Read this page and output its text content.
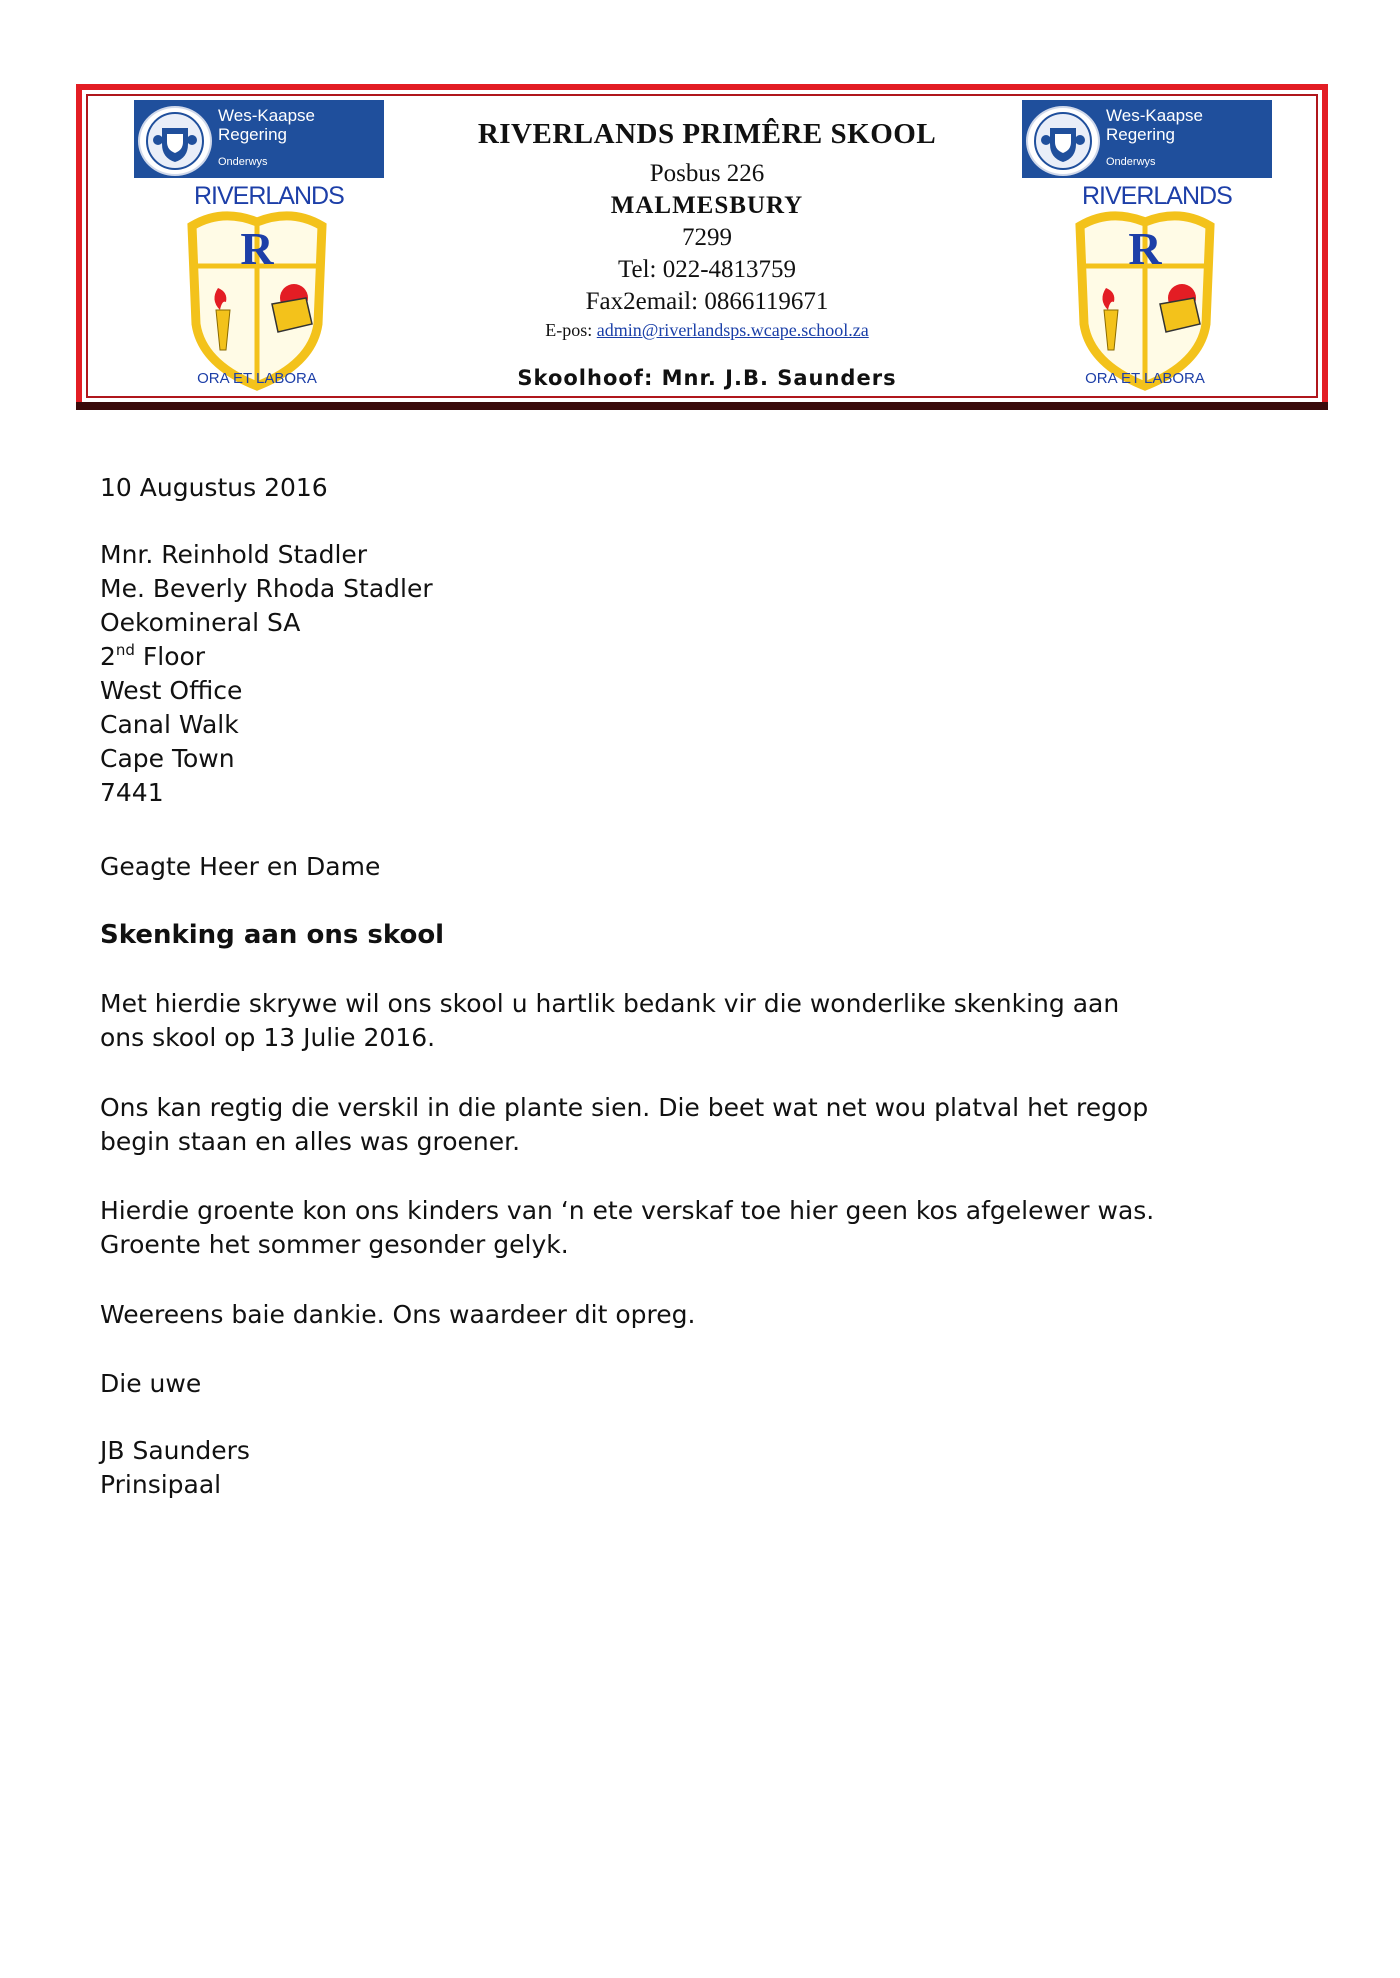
Wes-Kaapse
Regering
Onderwys
RIVERLANDS
R
ORA ET LABORA
RIVERLANDS PRIMÊRE SKOOL
Posbus 226
MALMESBURY
7299
Tel: 022-4813759
Fax2email: 0866119671
E-pos: admin@riverlandsps.wcape.school.za
Skoolhoof: Mnr. J.B. Saunders
Wes-Kaapse
Regering
Onderwys
RIVERLANDS
R
ORA ET LABORA
10 Augustus 2016
Mnr. Reinhold Stadler
Me. Beverly Rhoda Stadler
Oekomineral SA
2nd Floor
West Office
Canal Walk
Cape Town
7441
Geagte Heer en Dame
Skenking aan ons skool
Met hierdie skrywe wil ons skool u hartlik bedank vir die wonderlike skenking aan
ons skool op 13 Julie 2016.
Ons kan regtig die verskil in die plante sien. Die beet wat net wou platval het regop
begin staan en alles was groener.
Hierdie groente kon ons kinders van ‘n ete verskaf toe hier geen kos afgelewer was.
Groente het sommer gesonder gelyk.
Weereens baie dankie. Ons waardeer dit opreg.
Die uwe
JB Saunders
Prinsipaal
